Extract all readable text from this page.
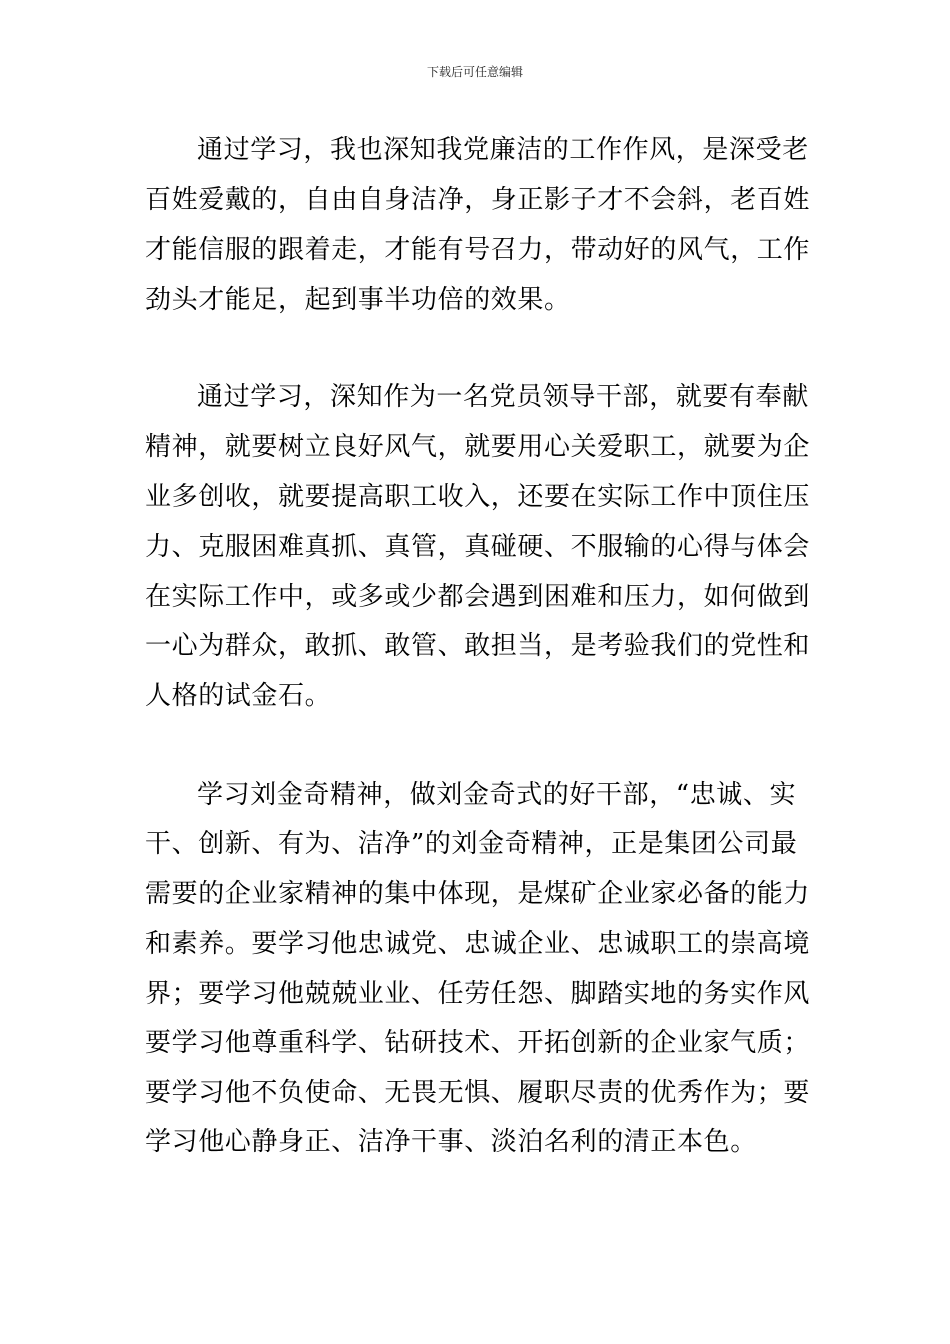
下载后可任意编辑
通过学习，我也深知我党廉洁的工作作风，是深受老
百姓爱戴的，自由自身洁净，身正影子才不会斜，老百姓
才能信服的跟着走，才能有号召力，带动好的风气，工作
劲头才能足，起到事半功倍的效果。
通过学习，深知作为一名党员领导干部，就要有奉献
精神，就要树立良好风气，就要用心关爱职工，就要为企
业多创收，就要提高职工收入，还要在实际工作中顶住压
力、克服困难真抓、真管，真碰硬、不服输的心得与体会
在实际工作中，或多或少都会遇到困难和压力，如何做到
一心为群众，敢抓、敢管、敢担当，是考验我们的党性和
人格的试金石。
学习刘金奇精神，做刘金奇式的好干部，“忠诚、实
干、创新、有为、洁净”的刘金奇精神，正是集团公司最
需要的企业家精神的集中体现，是煤矿企业家必备的能力
和素养。要学习他忠诚党、忠诚企业、忠诚职工的崇高境
界；要学习他兢兢业业、任劳任怨、脚踏实地的务实作风
要学习他尊重科学、钻研技术、开拓创新的企业家气质；
要学习他不负使命、无畏无惧、履职尽责的优秀作为；要
学习他心静身正、洁净干事、淡泊名利的清正本色。
